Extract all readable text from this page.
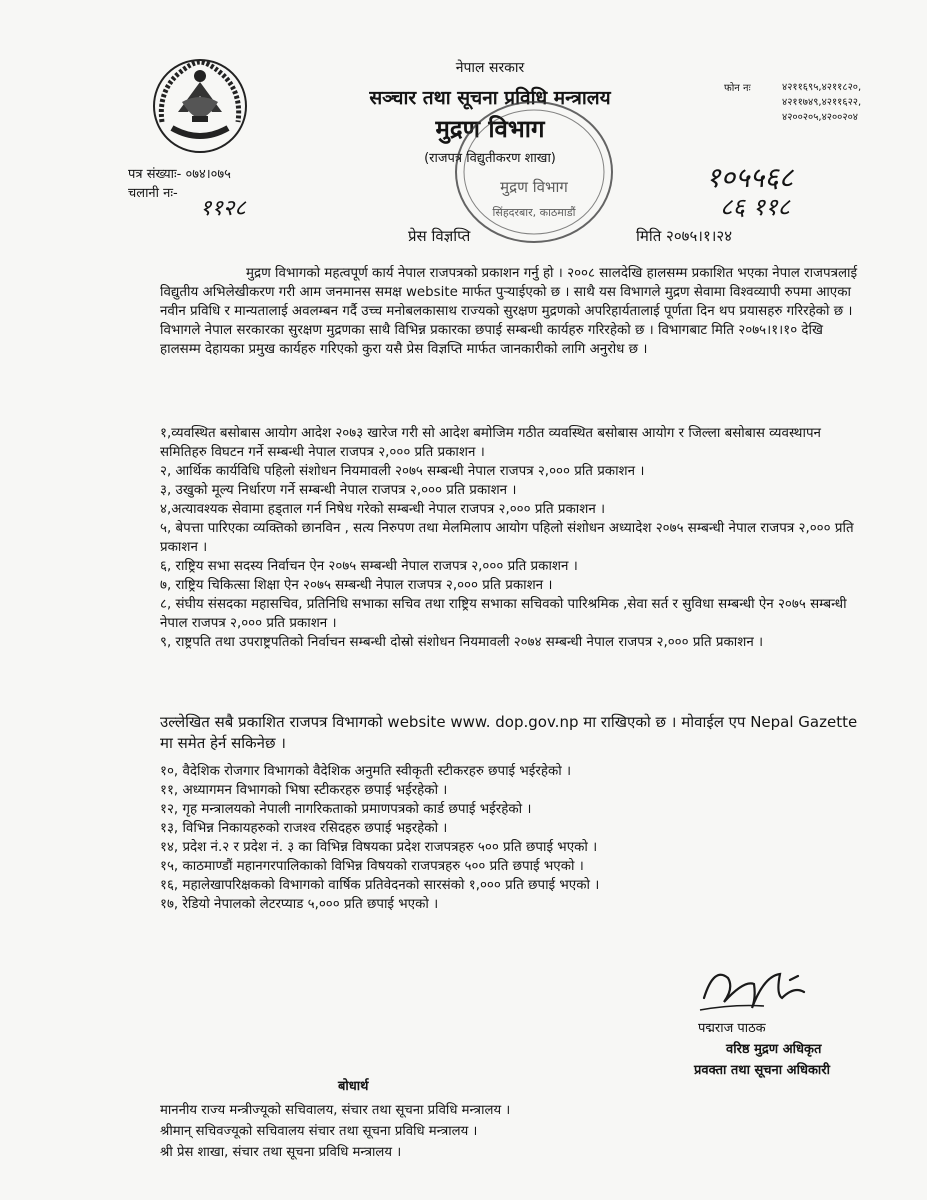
नेपाल सरकार
सञ्चार तथा सूचना प्रविधि मन्त्रालय
मुद्रण विभाग
(राजपत्र विद्युतीकरण शाखा)
फोन नः	४२११६९५,४२११८२०,
४२११७४९,४२११६२२,
४२००२०५,४२००२०४
मुद्रण विभाग
सिंहदरबार, काठमाडौं
पत्र संख्याः- ०७४।०७५
चलानी नः-
११२८
१०५५६८
८६ ११८
प्रेस विज्ञप्ति	मिति २०७५।१।२४

मुद्रण विभागको महत्वपूर्ण कार्य नेपाल राजपत्रको प्रकाशन गर्नु हो । २००८ सालदेखि हालसम्म प्रकाशित भएका नेपाल राजपत्रलाई विद्युतीय अभिलेखीकरण गरी आम जनमानस समक्ष website मार्फत पुऱ्याईएको छ । साथै यस विभागले मुद्रण सेवामा विश्वव्यापी रुपमा आएका नवीन प्रविधि र मान्यतालाई अवलम्बन गर्दै उच्च मनोबलकासाथ राज्यको सुरक्षण मुद्रणको अपरिहार्यतालाई पूर्णता दिन थप प्रयासहरु गरिरहेको छ । विभागले नेपाल सरकारका सुरक्षण मुद्रणका साथै विभिन्न प्रकारका छपाई सम्बन्धी कार्यहरु गरिरहेको छ । विभागबाट मिति २०७५।१।१० देखि हालसम्म देहायका प्रमुख कार्यहरु गरिएको कुरा यसै प्रेस विज्ञप्ति मार्फत जानकारीको लागि अनुरोध छ ।

१,व्यवस्थित बसोबास आयोग आदेश २०७३ खारेज गरी सो आदेश बमोजिम गठीत व्यवस्थित बसोबास आयोग र जिल्ला बसोबास व्यवस्थापन समितिहरु विघटन गर्ने सम्बन्धी नेपाल राजपत्र २,००० प्रति प्रकाशन ।

२, आर्थिक कार्यविधि पहिलो संशोधन नियमावली २०७५ सम्बन्धी नेपाल राजपत्र २,००० प्रति प्रकाशन ।

३, उखुको मूल्य निर्धारण गर्ने सम्बन्धी नेपाल राजपत्र २,००० प्रति प्रकाशन ।

४,अत्यावश्यक सेवामा हड्ताल गर्न निषेध गरेको सम्बन्धी नेपाल राजपत्र २,००० प्रति प्रकाशन ।

५, बेपत्ता पारिएका व्यक्तिको छानविन , सत्य निरुपण तथा मेलमिलाप आयोग पहिलो संशोधन अध्यादेश २०७५ सम्बन्धी नेपाल राजपत्र २,००० प्रति प्रकाशन ।

६, राष्ट्रिय सभा सदस्य निर्वाचन ऐन २०७५ सम्बन्धी नेपाल राजपत्र २,००० प्रति प्रकाशन ।

७, राष्ट्रिय चिकित्सा शिक्षा ऐन २०७५ सम्बन्धी नेपाल राजपत्र २,००० प्रति प्रकाशन ।

८, संघीय संसदका महासचिव, प्रतिनिधि सभाका सचिव तथा राष्ट्रिय सभाका सचिवको पारिश्रमिक ,सेवा सर्त र सुविधा सम्बन्धी ऐन २०७५ सम्बन्धी नेपाल राजपत्र २,००० प्रति प्रकाशन ।

९, राष्ट्रपति तथा उपराष्ट्रपतिको निर्वाचन सम्बन्धी दोस्रो संशोधन नियमावली २०७४ सम्बन्धी नेपाल राजपत्र २,००० प्रति प्रकाशन ।

उल्लेखित सबै प्रकाशित राजपत्र विभागको website www. dop.gov.np मा राखिएको छ । मोवाईल एप Nepal Gazette मा समेत हेर्न सकिनेछ ।

१०, वैदेशिक रोजगार विभागको वैदेशिक अनुमति स्वीकृती स्टीकरहरु छपाई भईरहेको ।

११, अध्यागमन विभागको भिषा स्टीकरहरु छपाई भईरहेको ।

१२, गृह मन्त्रालयको नेपाली नागरिकताको प्रमाणपत्रको कार्ड छपाई भईरहेको ।

१३, विभिन्न निकायहरुको राजश्व रसिदहरु छपाई भइरहेको ।

१४, प्रदेश नं.२ र प्रदेश नं. ३ का विभिन्न विषयका प्रदेश राजपत्रहरु ५०० प्रति छपाई भएको ।

१५, काठमाण्डौं महानगरपालिकाको विभिन्न विषयको राजपत्रहरु ५०० प्रति छपाई भएको ।

१६, महालेखापरिक्षकको विभागको वार्षिक प्रतिवेदनको सारसंको १,००० प्रति छपाई भएको ।

१७, रेडियो नेपालको लेटरप्याड ५,००० प्रति छपाई भएको ।

पद्मराज पाठक
वरिष्ठ मुद्रण अधिकृत
प्रवक्ता तथा सूचना अधिकारी
बोधार्थ
माननीय राज्य मन्त्रीज्यूको सचिवालय, संचार तथा सूचना प्रविधि मन्त्रालय ।
श्रीमान् सचिवज्यूको सचिवालय संचार तथा सूचना प्रविधि मन्त्रालय ।
श्री प्रेस शाखा, संचार तथा सूचना प्रविधि मन्त्रालय ।
